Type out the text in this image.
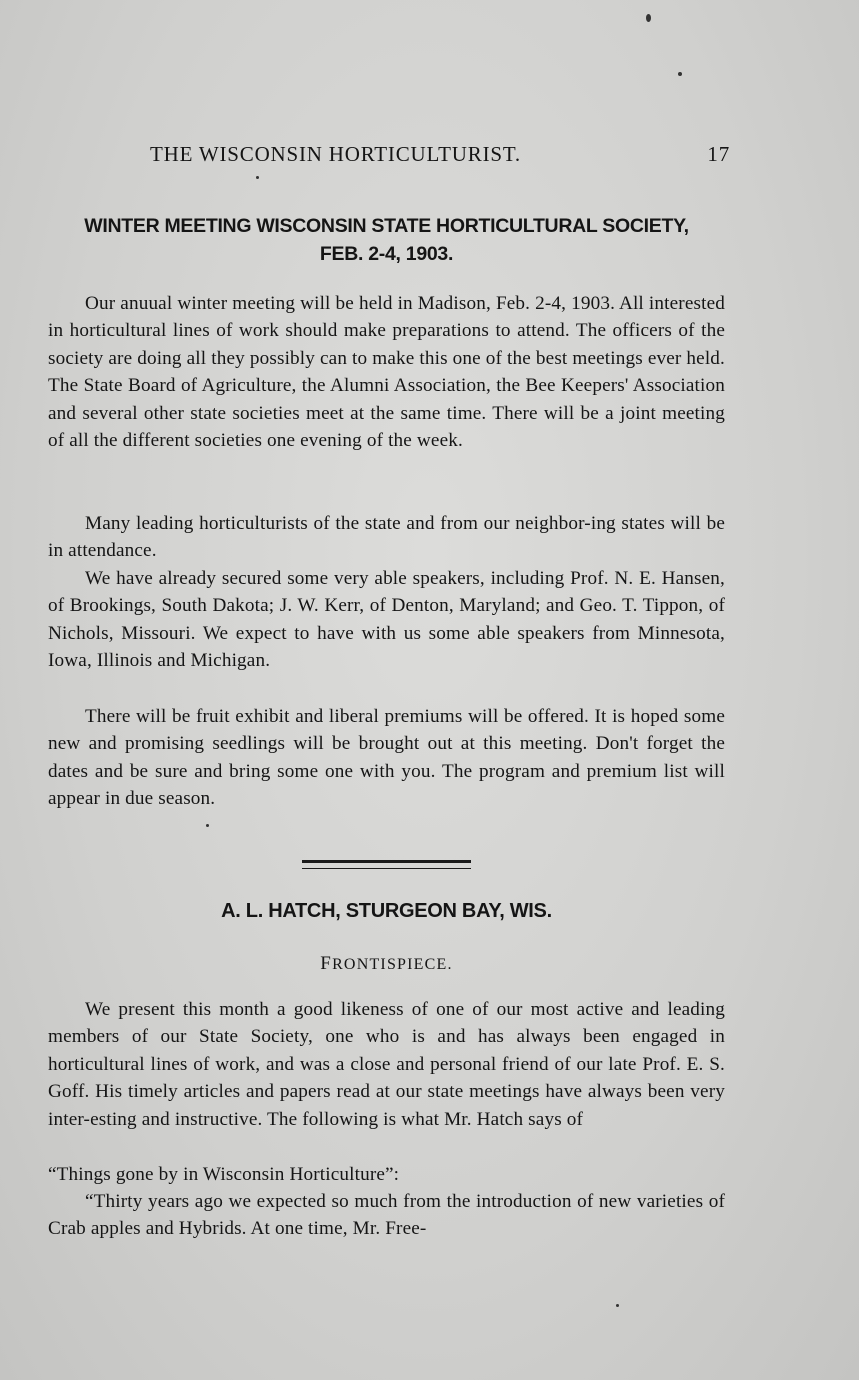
THE WISCONSIN HORTICULTURIST.	17
WINTER MEETING WISCONSIN STATE HORTICULTURAL SOCIETY,
FEB. 2-4, 1903.

Our anuual winter meeting will be held in Madison, Feb. 2-4, 1903. All interested in horticultural lines of work should make preparations to attend. The officers of the society are doing all they possibly can to make this one of the best meetings ever held. The State Board of Agriculture, the Alumni Association, the Bee Keepers' Association and several other state societies meet at the same time. There will be a joint meeting of all the different societies one evening of the week.

Many leading horticulturists of the state and from our neighbor-ing states will be in attendance.

We have already secured some very able speakers, including Prof. N. E. Hansen, of Brookings, South Dakota; J. W. Kerr, of Denton, Maryland; and Geo. T. Tippon, of Nichols, Missouri. We expect to have with us some able speakers from Minnesota, Iowa, Illinois and Michigan.

There will be fruit exhibit and liberal premiums will be offered. It is hoped some new and promising seedlings will be brought out at this meeting. Don't forget the dates and be sure and bring some one with you. The program and premium list will appear in due season.

A. L. HATCH, STURGEON BAY, WIS.
FRONTISPIECE.

We present this month a good likeness of one of our most active and leading members of our State Society, one who is and has always been engaged in horticultural lines of work, and was a close and personal friend of our late Prof. E. S. Goff. His timely articles and papers read at our state meetings have always been very inter-esting and instructive. The following is what Mr. Hatch says of

“Things gone by in Wisconsin Horticulture”:

“Thirty years ago we expected so much from the introduction of new varieties of Crab apples and Hybrids. At one time, Mr. Free-
